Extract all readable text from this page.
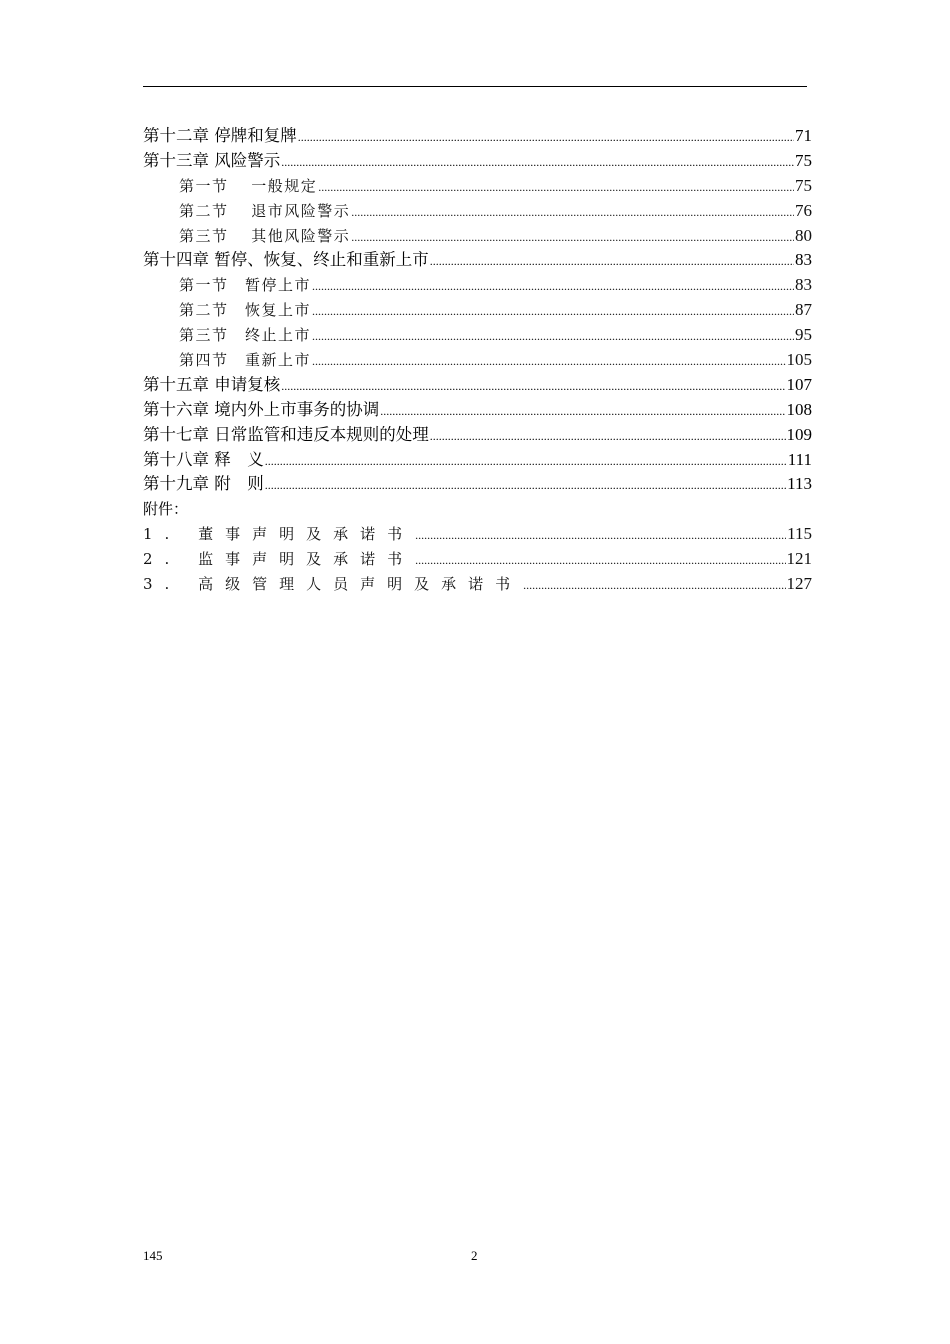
第十二章 停牌和复牌 .....	71
第十三章 风险警示 .....	75
第一节　 一般规定 .....	75
第二节　 退市风险警示 .....	76
第三节　 其他风险警示 .....	80
第十四章 暂停、恢复、终止和重新上市 .....	83
第一节　暂停上市 .....	83
第二节　恢复上市 .....	87
第三节　终止上市 .....	95
第四节　重新上市 .....	105
第十五章 申请复核 .....	107
第十六章 境内外上市事务的协调 .....	108
第十七章 日常监管和违反本规则的处理 .....	109
第十八章 释　义 .....	111
第十九章 附　则 .....	113
附件：
1. 董事声明及承诺书 .....	115
2. 监事声明及承诺书 .....	121
3. 高级管理人员声明及承诺书 .....	127
145	2
